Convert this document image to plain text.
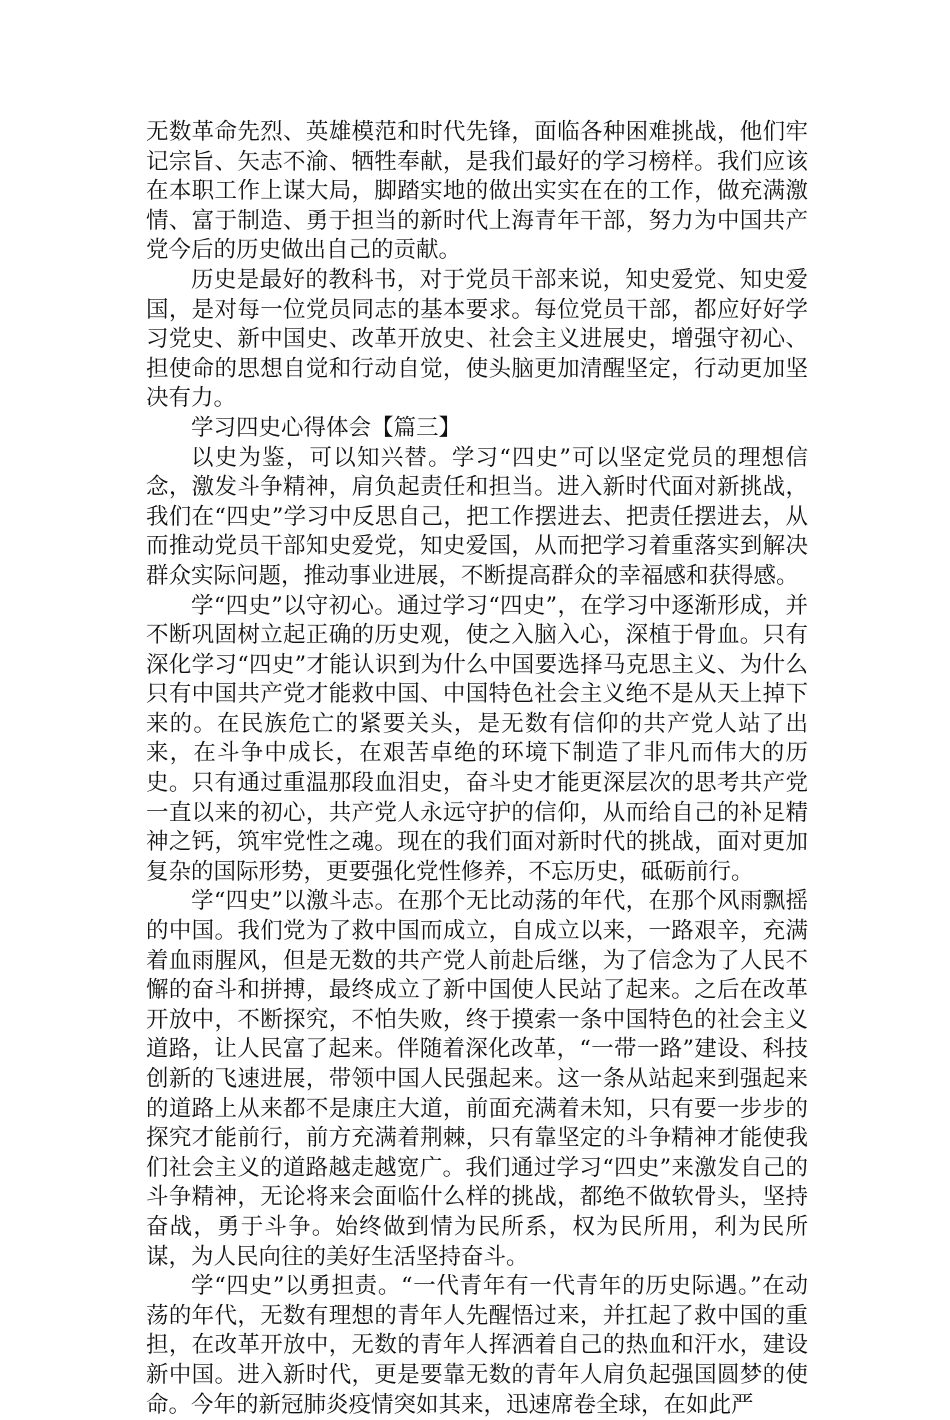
无数革命先烈、英雄模范和时代先锋，面临各种困难挑战，他们牢记宗旨、矢志不渝、牺牲奉献，是我们最好的学习榜样。我们应该在本职工作上谋大局，脚踏实地的做出实实在在的工作，做充满激情、富于制造、勇于担当的新时代上海青年干部，努力为中国共产党今后的历史做出自己的贡献。

历史是最好的教科书，对于党员干部来说，知史爱党、知史爱国，是对每一位党员同志的基本要求。每位党员干部，都应好好学习党史、新中国史、改革开放史、社会主义进展史，增强守初心、担使命的思想自觉和行动自觉，使头脑更加清醒坚定，行动更加坚决有力。

学习四史心得体会【篇三】

以史为鉴，可以知兴替。学习“四史”可以坚定党员的理想信念，激发斗争精神，肩负起责任和担当。进入新时代面对新挑战，我们在“四史”学习中反思自己，把工作摆进去、把责任摆进去，从而推动党员干部知史爱党，知史爱国，从而把学习着重落实到解决群众实际问题，推动事业进展，不断提高群众的幸福感和获得感。

学“四史”以守初心。通过学习“四史”，在学习中逐渐形成，并不断巩固树立起正确的历史观，使之入脑入心，深植于骨血。只有深化学习“四史”才能认识到为什么中国要选择马克思主义、为什么只有中国共产党才能救中国、中国特色社会主义绝不是从天上掉下来的。在民族危亡的紧要关头，是无数有信仰的共产党人站了出来，在斗争中成长，在艰苦卓绝的环境下制造了非凡而伟大的历史。只有通过重温那段血泪史，奋斗史才能更深层次的思考共产党一直以来的初心，共产党人永远守护的信仰，从而给自己的补足精神之钙，筑牢党性之魂。现在的我们面对新时代的挑战，面对更加复杂的国际形势，更要强化党性修养，不忘历史，砥砺前行。

学“四史”以激斗志。在那个无比动荡的年代，在那个风雨飘摇的中国。我们党为了救中国而成立，自成立以来，一路艰辛，充满着血雨腥风，但是无数的共产党人前赴后继，为了信念为了人民不懈的奋斗和拼搏，最终成立了新中国使人民站了起来。之后在改革开放中，不断探究，不怕失败，终于摸索一条中国特色的社会主义道路，让人民富了起来。伴随着深化改革，“一带一路”建设、科技创新的飞速进展，带领中国人民强起来。这一条从站起来到强起来的道路上从来都不是康庄大道，前面充满着未知，只有要一步步的探究才能前行，前方充满着荆棘，只有靠坚定的斗争精神才能使我们社会主义的道路越走越宽广。我们通过学习“四史”来激发自己的斗争精神，无论将来会面临什么样的挑战，都绝不做软骨头，坚持奋战，勇于斗争。始终做到情为民所系，权为民所用，利为民所谋，为人民向往的美好生活坚持奋斗。

学“四史”以勇担责。“一代青年有一代青年的历史际遇。”在动荡的年代，无数有理想的青年人先醒悟过来，并扛起了救中国的重担，在改革开放中，无数的青年人挥洒着自己的热血和汗水，建设新中国。进入新时代，更是要靠无数的青年人肩负起强国圆梦的使命。今年的新冠肺炎疫情突如其来，迅速席卷全球，在如此严
